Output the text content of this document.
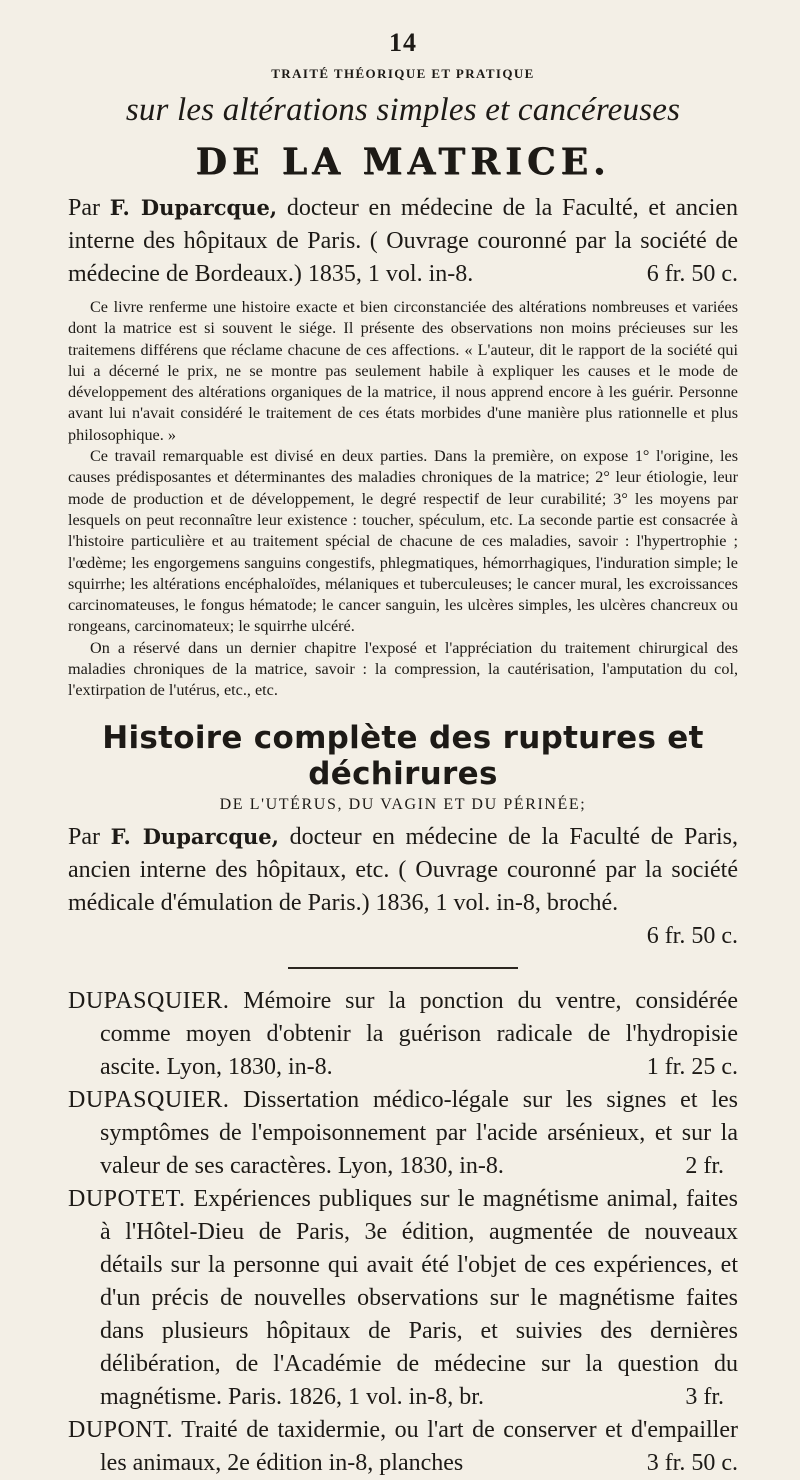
14
TRAITÉ THÉORIQUE ET PRATIQUE
sur les altérations simples et cancéreuses
DE LA MATRICE.

Par F. Duparcque, docteur en médecine de la Faculté, et ancien interne des hôpitaux de Paris. ( Ouvrage couronné par la société de médecine de Bordeaux.) 1835, 1 vol. in-8.	6 fr. 50 c.

Ce livre renferme une histoire exacte et bien circonstanciée des altérations nombreuses et variées dont la matrice est si souvent le siége. Il présente des observations non moins précieuses sur les traitemens différens que réclame chacune de ces affections. « L'auteur, dit le rapport de la société qui lui a décerné le prix, ne se montre pas seulement habile à expliquer les causes et le mode de développement des altérations organiques de la matrice, il nous apprend encore à les guérir. Personne avant lui n'avait considéré le traitement de ces états morbides d'une manière plus rationnelle et plus philosophique. »

Ce travail remarquable est divisé en deux parties. Dans la première, on expose 1° l'origine, les causes prédisposantes et déterminantes des maladies chroniques de la matrice; 2° leur étiologie, leur mode de production et de développement, le degré respectif de leur curabilité; 3° les moyens par lesquels on peut reconnaître leur existence : toucher, spéculum, etc. La seconde partie est consacrée à l'histoire particulière et au traitement spécial de chacune de ces maladies, savoir : l'hypertrophie ; l'œdème; les engorgemens sanguins congestifs, phlegmatiques, hémorrhagiques, l'induration simple; le squirrhe; les altérations encéphaloïdes, mélaniques et tuberculeuses; le cancer mural, les excroissances carcinomateuses, le fongus hématode; le cancer sanguin, les ulcères simples, les ulcères chancreux ou rongeans, carcinomateux; le squirrhe ulcéré.

On a réservé dans un dernier chapitre l'exposé et l'appréciation du traitement chirurgical des maladies chroniques de la matrice, savoir : la compression, la cautérisation, l'amputation du col, l'extirpation de l'utérus, etc., etc.

Histoire complète des ruptures et déchirures
DE L'UTÉRUS, DU VAGIN ET DU PÉRINÉE;

Par F. Duparcque, docteur en médecine de la Faculté de Paris, ancien interne des hôpitaux, etc. ( Ouvrage couronné par la société médicale d'émulation de Paris.) 1836, 1 vol. in-8, broché.

6 fr. 50 c.

DUPASQUIER. Mémoire sur la ponction du ventre, considérée comme moyen d'obtenir la guérison radicale de l'hydropisie ascite. Lyon, 1830, in-8.	1 fr. 25 c.

DUPASQUIER. Dissertation médico-légale sur les signes et les symptômes de l'empoisonnement par l'acide arsénieux, et sur la valeur de ses caractères. Lyon, 1830, in-8.	2 fr.

DUPOTET. Expériences publiques sur le magnétisme animal, faites à l'Hôtel-Dieu de Paris, 3e édition, augmentée de nouveaux détails sur la personne qui avait été l'objet de ces expériences, et d'un précis de nouvelles observations sur le magnétisme faites dans plusieurs hôpitaux de Paris, et suivies des dernières délibération, de l'Académie de médecine sur la question du magnétisme. Paris. 1826, 1 vol. in-8, br.	3 fr.

DUPONT. Traité de taxidermie, ou l'art de conserver et d'empailler les animaux, 2e édition in-8, planches	3 fr. 50 c.
